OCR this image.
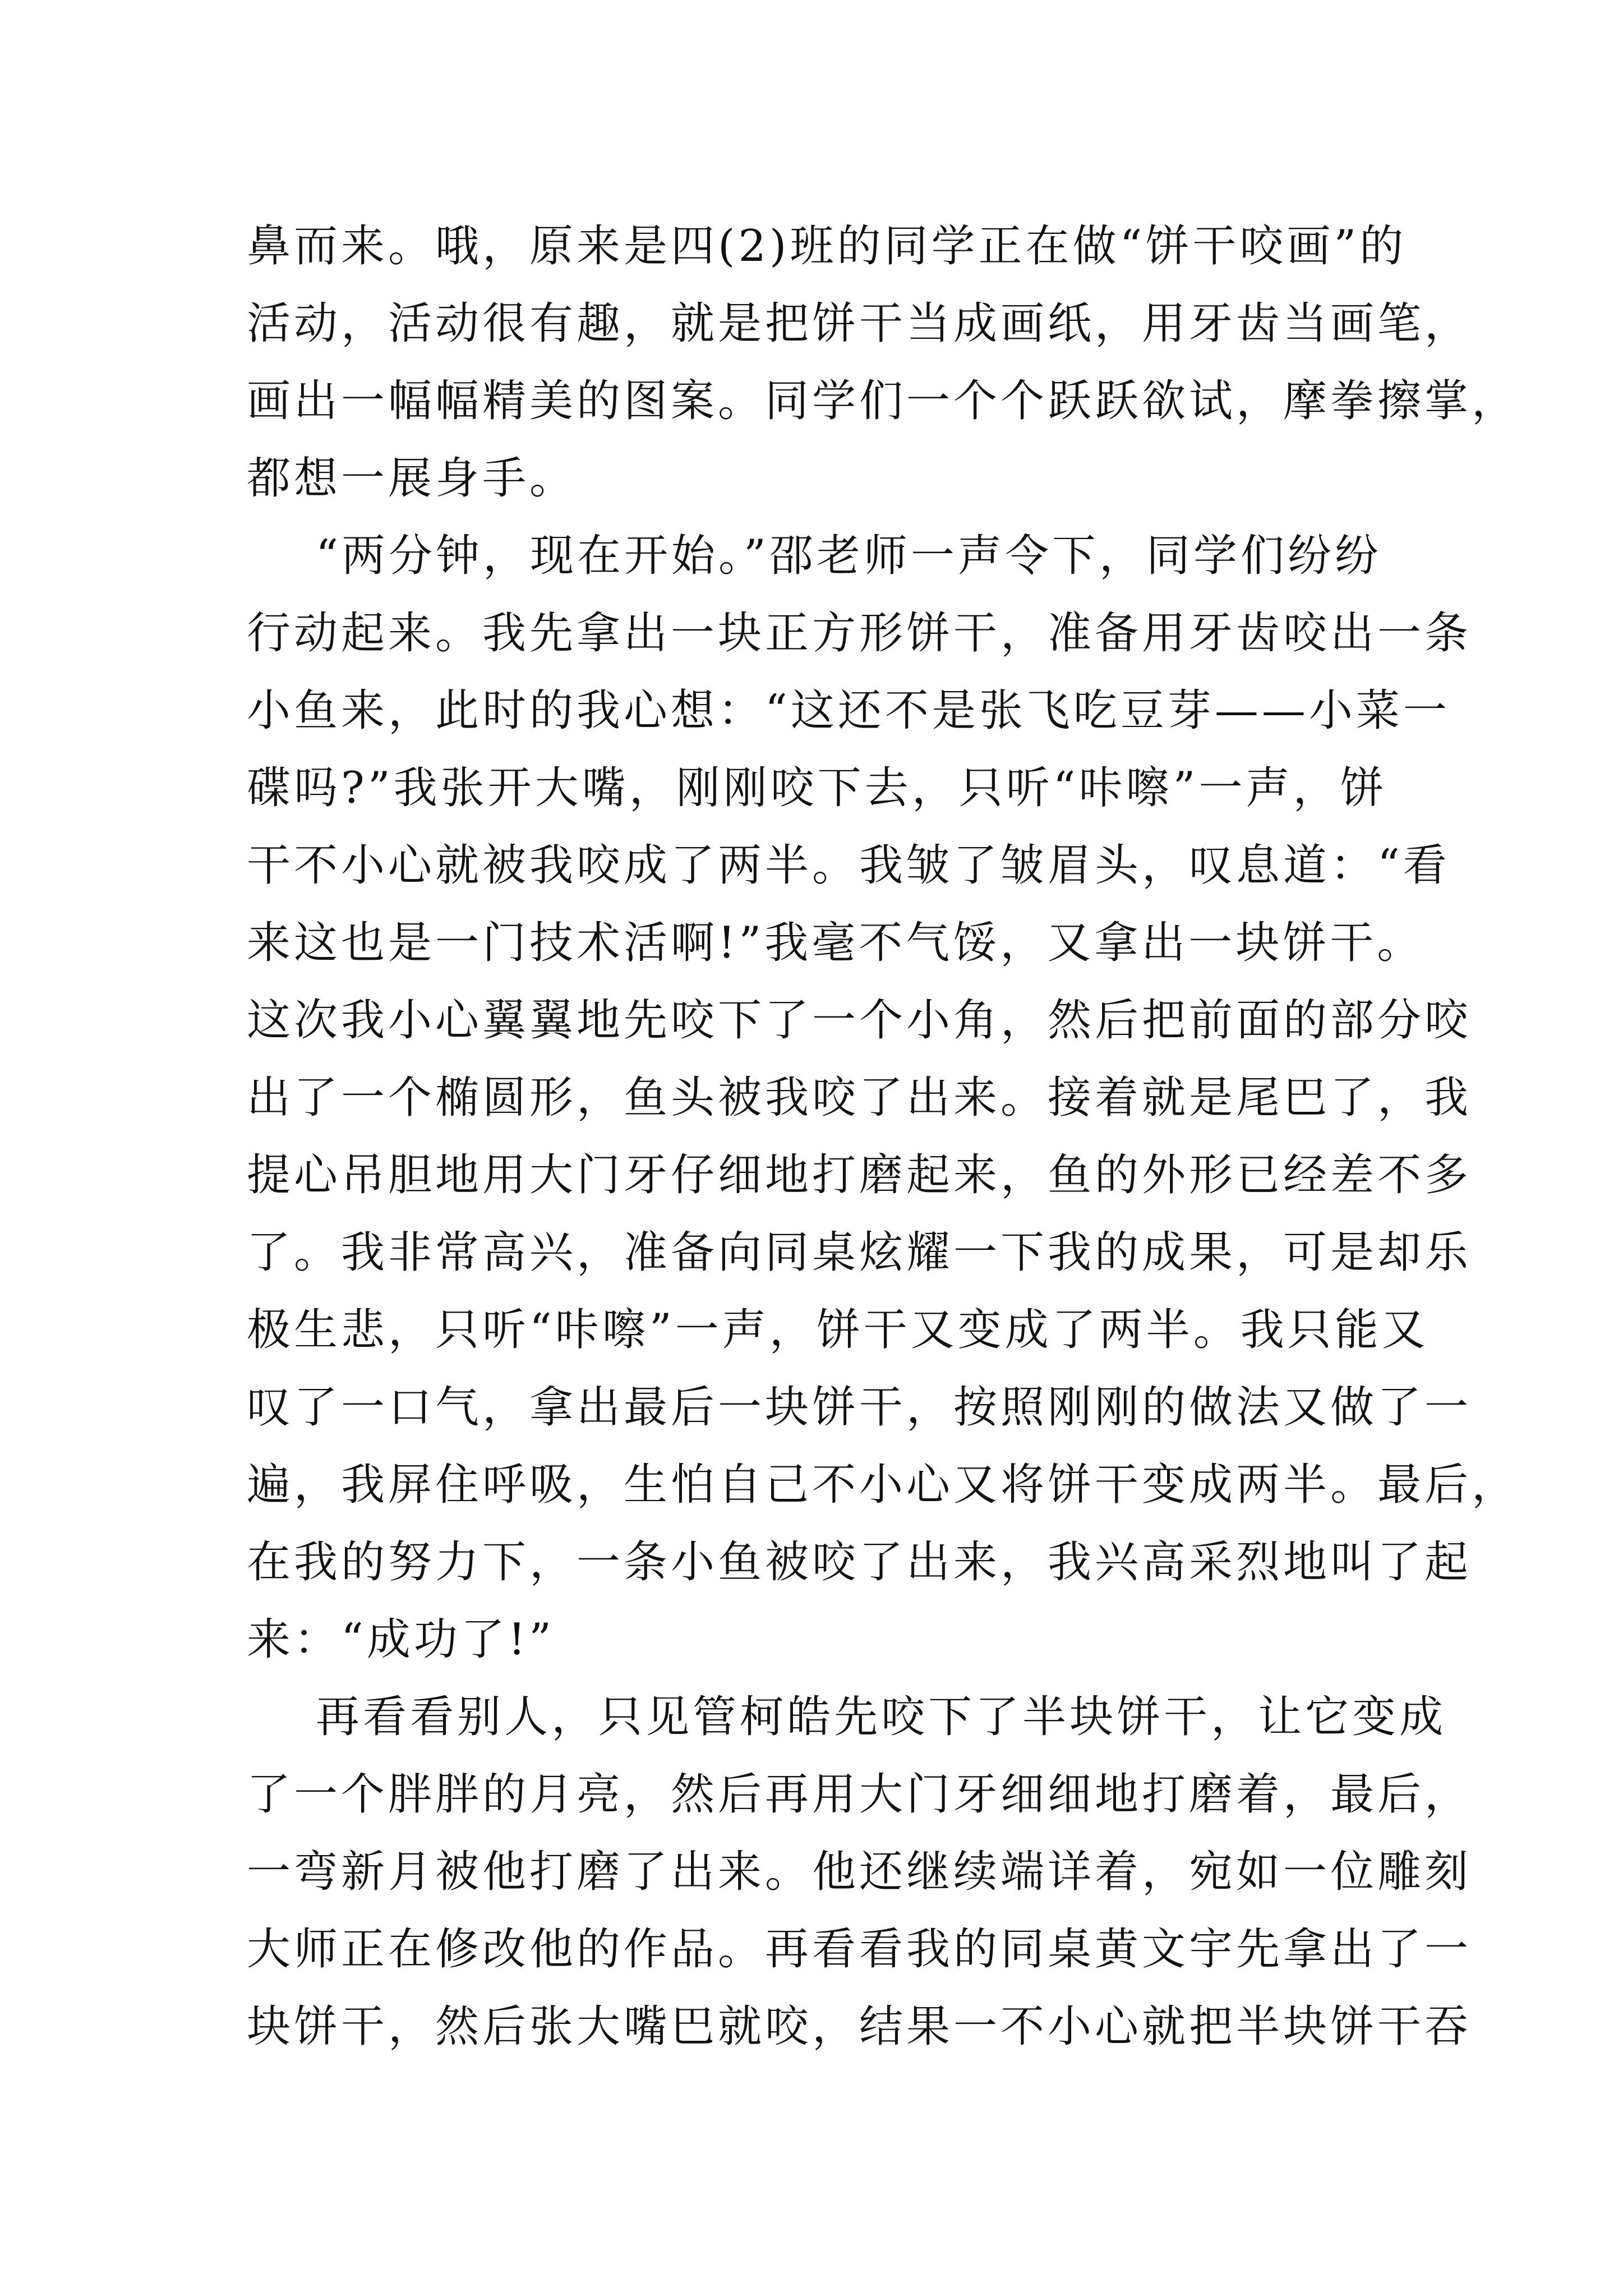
鼻而来。哦，原来是四(2)班的同学正在做“饼干咬画”的
活动，活动很有趣，就是把饼干当成画纸，用牙齿当画笔，
画出一幅幅精美的图案。同学们一个个跃跃欲试，摩拳擦掌，
都想一展身手。
“两分钟，现在开始。”邵老师一声令下，同学们纷纷
行动起来。我先拿出一块正方形饼干，准备用牙齿咬出一条
小鱼来，此时的我心想：“这还不是张飞吃豆芽——小菜一
碟吗?”我张开大嘴，刚刚咬下去，只听“咔嚓”一声，饼
干不小心就被我咬成了两半。我皱了皱眉头，叹息道：“看
来这也是一门技术活啊!”我毫不气馁，又拿出一块饼干。
这次我小心翼翼地先咬下了一个小角，然后把前面的部分咬
出了一个椭圆形，鱼头被我咬了出来。接着就是尾巴了，我
提心吊胆地用大门牙仔细地打磨起来，鱼的外形已经差不多
了。我非常高兴，准备向同桌炫耀一下我的成果，可是却乐
极生悲，只听“咔嚓”一声，饼干又变成了两半。我只能又
叹了一口气，拿出最后一块饼干，按照刚刚的做法又做了一
遍，我屏住呼吸，生怕自己不小心又将饼干变成两半。最后，
在我的努力下，一条小鱼被咬了出来，我兴高采烈地叫了起
来：“成功了!”
再看看别人，只见管柯皓先咬下了半块饼干，让它变成
了一个胖胖的月亮，然后再用大门牙细细地打磨着，最后，
一弯新月被他打磨了出来。他还继续端详着，宛如一位雕刻
大师正在修改他的作品。再看看我的同桌黄文宇先拿出了一
块饼干，然后张大嘴巴就咬，结果一不小心就把半块饼干吞
